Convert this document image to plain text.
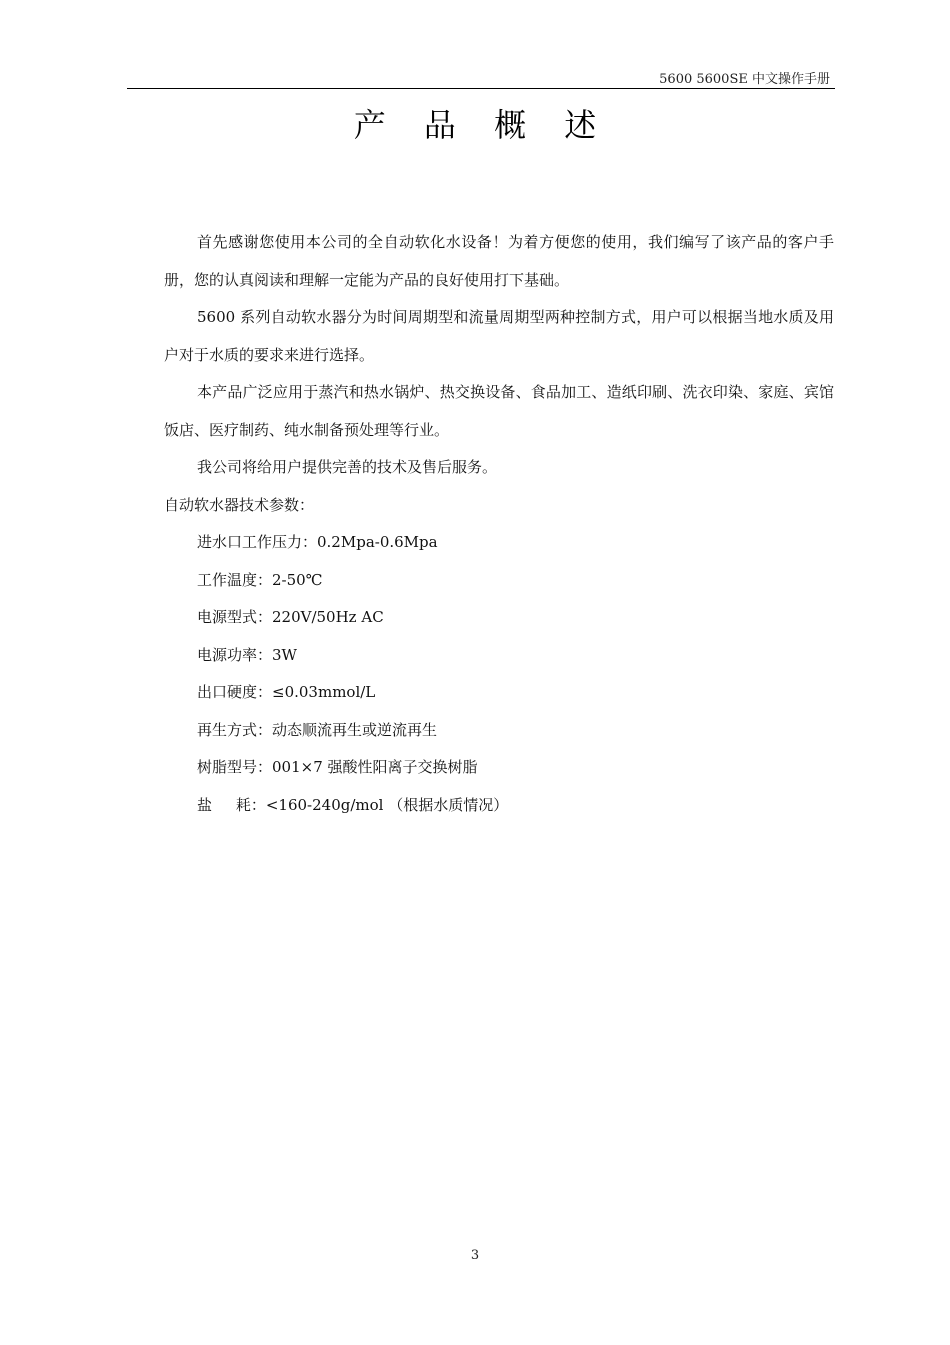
5600 5600SE 中文操作手册
产 品 概 述

首先感谢您使用本公司的全自动软化水设备！为着方便您的使用，我们编写了该产品的客户手册，您的认真阅读和理解一定能为产品的良好使用打下基础。

5600 系列自动软水器分为时间周期型和流量周期型两种控制方式，用户可以根据当地水质及用户对于水质的要求来进行选择。

本产品广泛应用于蒸汽和热水锅炉、热交换设备、食品加工、造纸印刷、洗衣印染、家庭、宾馆饭店、医疗制药、纯水制备预处理等行业。

我公司将给用户提供完善的技术及售后服务。

自动软水器技术参数：

进水口工作压力：0.2Mpa-0.6Mpa
工作温度：2-50℃
电源型式：220V/50Hz AC
电源功率：3W
出口硬度：≤0.03mmol/L
再生方式：动态顺流再生或逆流再生
树脂型号：001×7 强酸性阳离子交换树脂
盐     耗：<160-240g/mol （根据水质情况）
3
